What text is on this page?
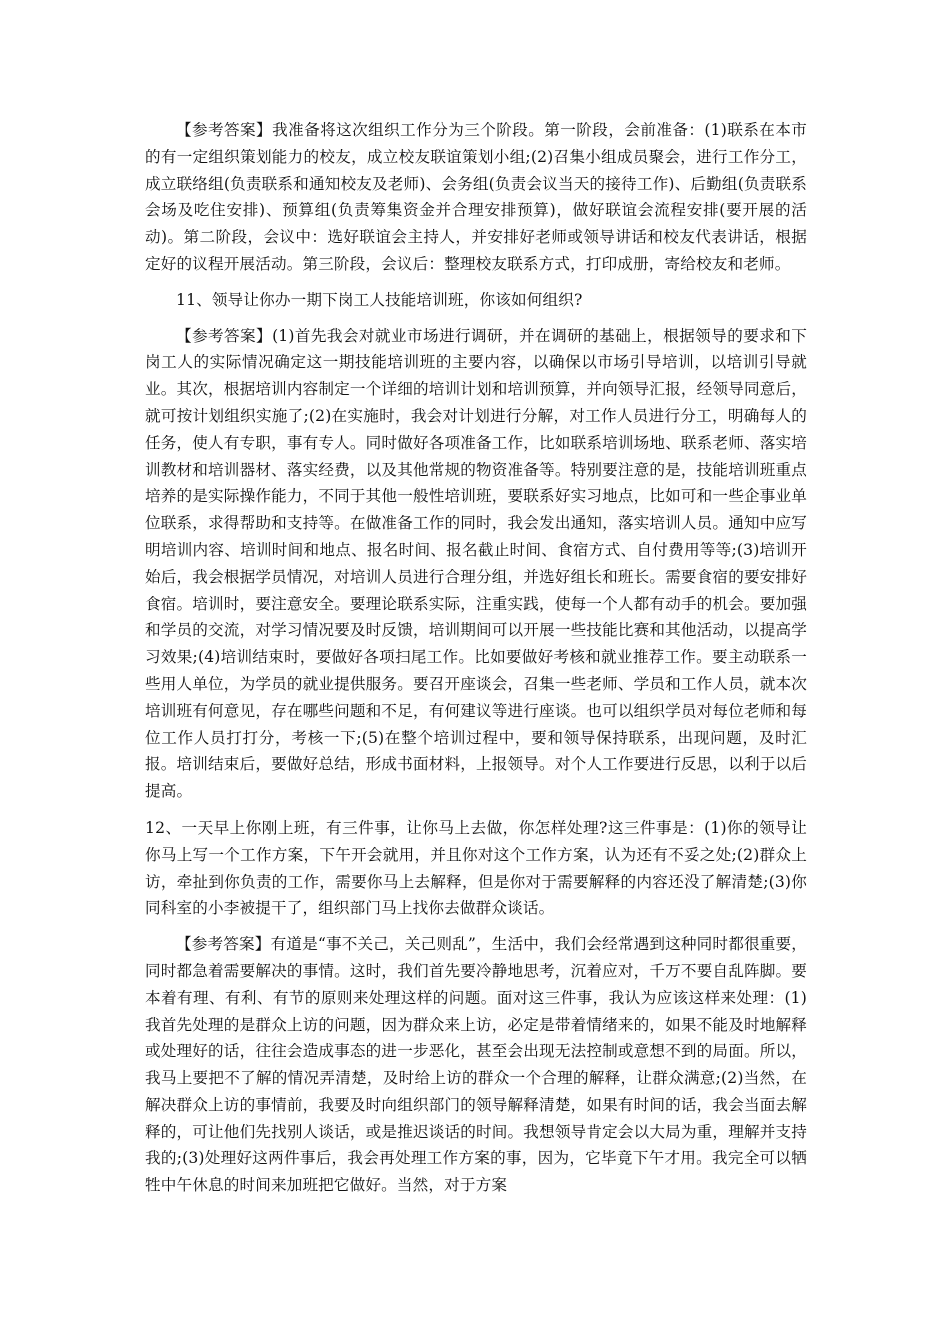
【参考答案】我准备将这次组织工作分为三个阶段。第一阶段，会前准备：(1)联系在本市的有一定组织策划能力的校友，成立校友联谊策划小组;(2)召集小组成员聚会，进行工作分工，成立联络组(负责联系和通知校友及老师)、会务组(负责会议当天的接待工作)、后勤组(负责联系会场及吃住安排)、预算组(负责筹集资金并合理安排预算)，做好联谊会流程安排(要开展的活动)。第二阶段，会议中：选好联谊会主持人，并安排好老师或领导讲话和校友代表讲话，根据定好的议程开展活动。第三阶段，会议后：整理校友联系方式，打印成册，寄给校友和老师。

11、领导让你办一期下岗工人技能培训班，你该如何组织?

【参考答案】(1)首先我会对就业市场进行调研，并在调研的基础上，根据领导的要求和下岗工人的实际情况确定这一期技能培训班的主要内容，以确保以市场引导培训，以培训引导就业。其次，根据培训内容制定一个详细的培训计划和培训预算，并向领导汇报，经领导同意后，就可按计划组织实施了;(2)在实施时，我会对计划进行分解，对工作人员进行分工，明确每人的任务，使人有专职，事有专人。同时做好各项准备工作，比如联系培训场地、联系老师、落实培训教材和培训器材、落实经费，以及其他常规的物资准备等。特别要注意的是，技能培训班重点培养的是实际操作能力，不同于其他一般性培训班，要联系好实习地点，比如可和一些企事业单位联系，求得帮助和支持等。在做准备工作的同时，我会发出通知，落实培训人员。通知中应写明培训内容、培训时间和地点、报名时间、报名截止时间、食宿方式、自付费用等等;(3)培训开始后，我会根据学员情况，对培训人员进行合理分组，并选好组长和班长。需要食宿的要安排好食宿。培训时，要注意安全。要理论联系实际，注重实践，使每一个人都有动手的机会。要加强和学员的交流，对学习情况要及时反馈，培训期间可以开展一些技能比赛和其他活动，以提高学习效果;(4)培训结束时，要做好各项扫尾工作。比如要做好考核和就业推荐工作。要主动联系一些用人单位，为学员的就业提供服务。要召开座谈会，召集一些老师、学员和工作人员，就本次培训班有何意见，存在哪些问题和不足，有何建议等进行座谈。也可以组织学员对每位老师和每位工作人员打打分，考核一下;(5)在整个培训过程中，要和领导保持联系，出现问题，及时汇报。培训结束后，要做好总结，形成书面材料，上报领导。对个人工作要进行反思，以利于以后提高。

12、一天早上你刚上班，有三件事，让你马上去做，你怎样处理?这三件事是：(1)你的领导让你马上写一个工作方案，下午开会就用，并且你对这个工作方案，认为还有不妥之处;(2)群众上访，牵扯到你负责的工作，需要你马上去解释，但是你对于需要解释的内容还没了解清楚;(3)你同科室的小李被提干了，组织部门马上找你去做群众谈话。

【参考答案】有道是“事不关己，关己则乱”，生活中，我们会经常遇到这种同时都很重要，同时都急着需要解决的事情。这时，我们首先要冷静地思考，沉着应对，千万不要自乱阵脚。要本着有理、有利、有节的原则来处理这样的问题。面对这三件事，我认为应该这样来处理：(1)我首先处理的是群众上访的问题，因为群众来上访，必定是带着情绪来的，如果不能及时地解释或处理好的话，往往会造成事态的进一步恶化，甚至会出现无法控制或意想不到的局面。所以，我马上要把不了解的情况弄清楚，及时给上访的群众一个合理的解释，让群众满意;(2)当然，在解决群众上访的事情前，我要及时向组织部门的领导解释清楚，如果有时间的话，我会当面去解释的，可让他们先找别人谈话，或是推迟谈话的时间。我想领导肯定会以大局为重，理解并支持我的;(3)处理好这两件事后，我会再处理工作方案的事，因为，它毕竟下午才用。我完全可以牺牲中午休息的时间来加班把它做好。当然，对于方案
